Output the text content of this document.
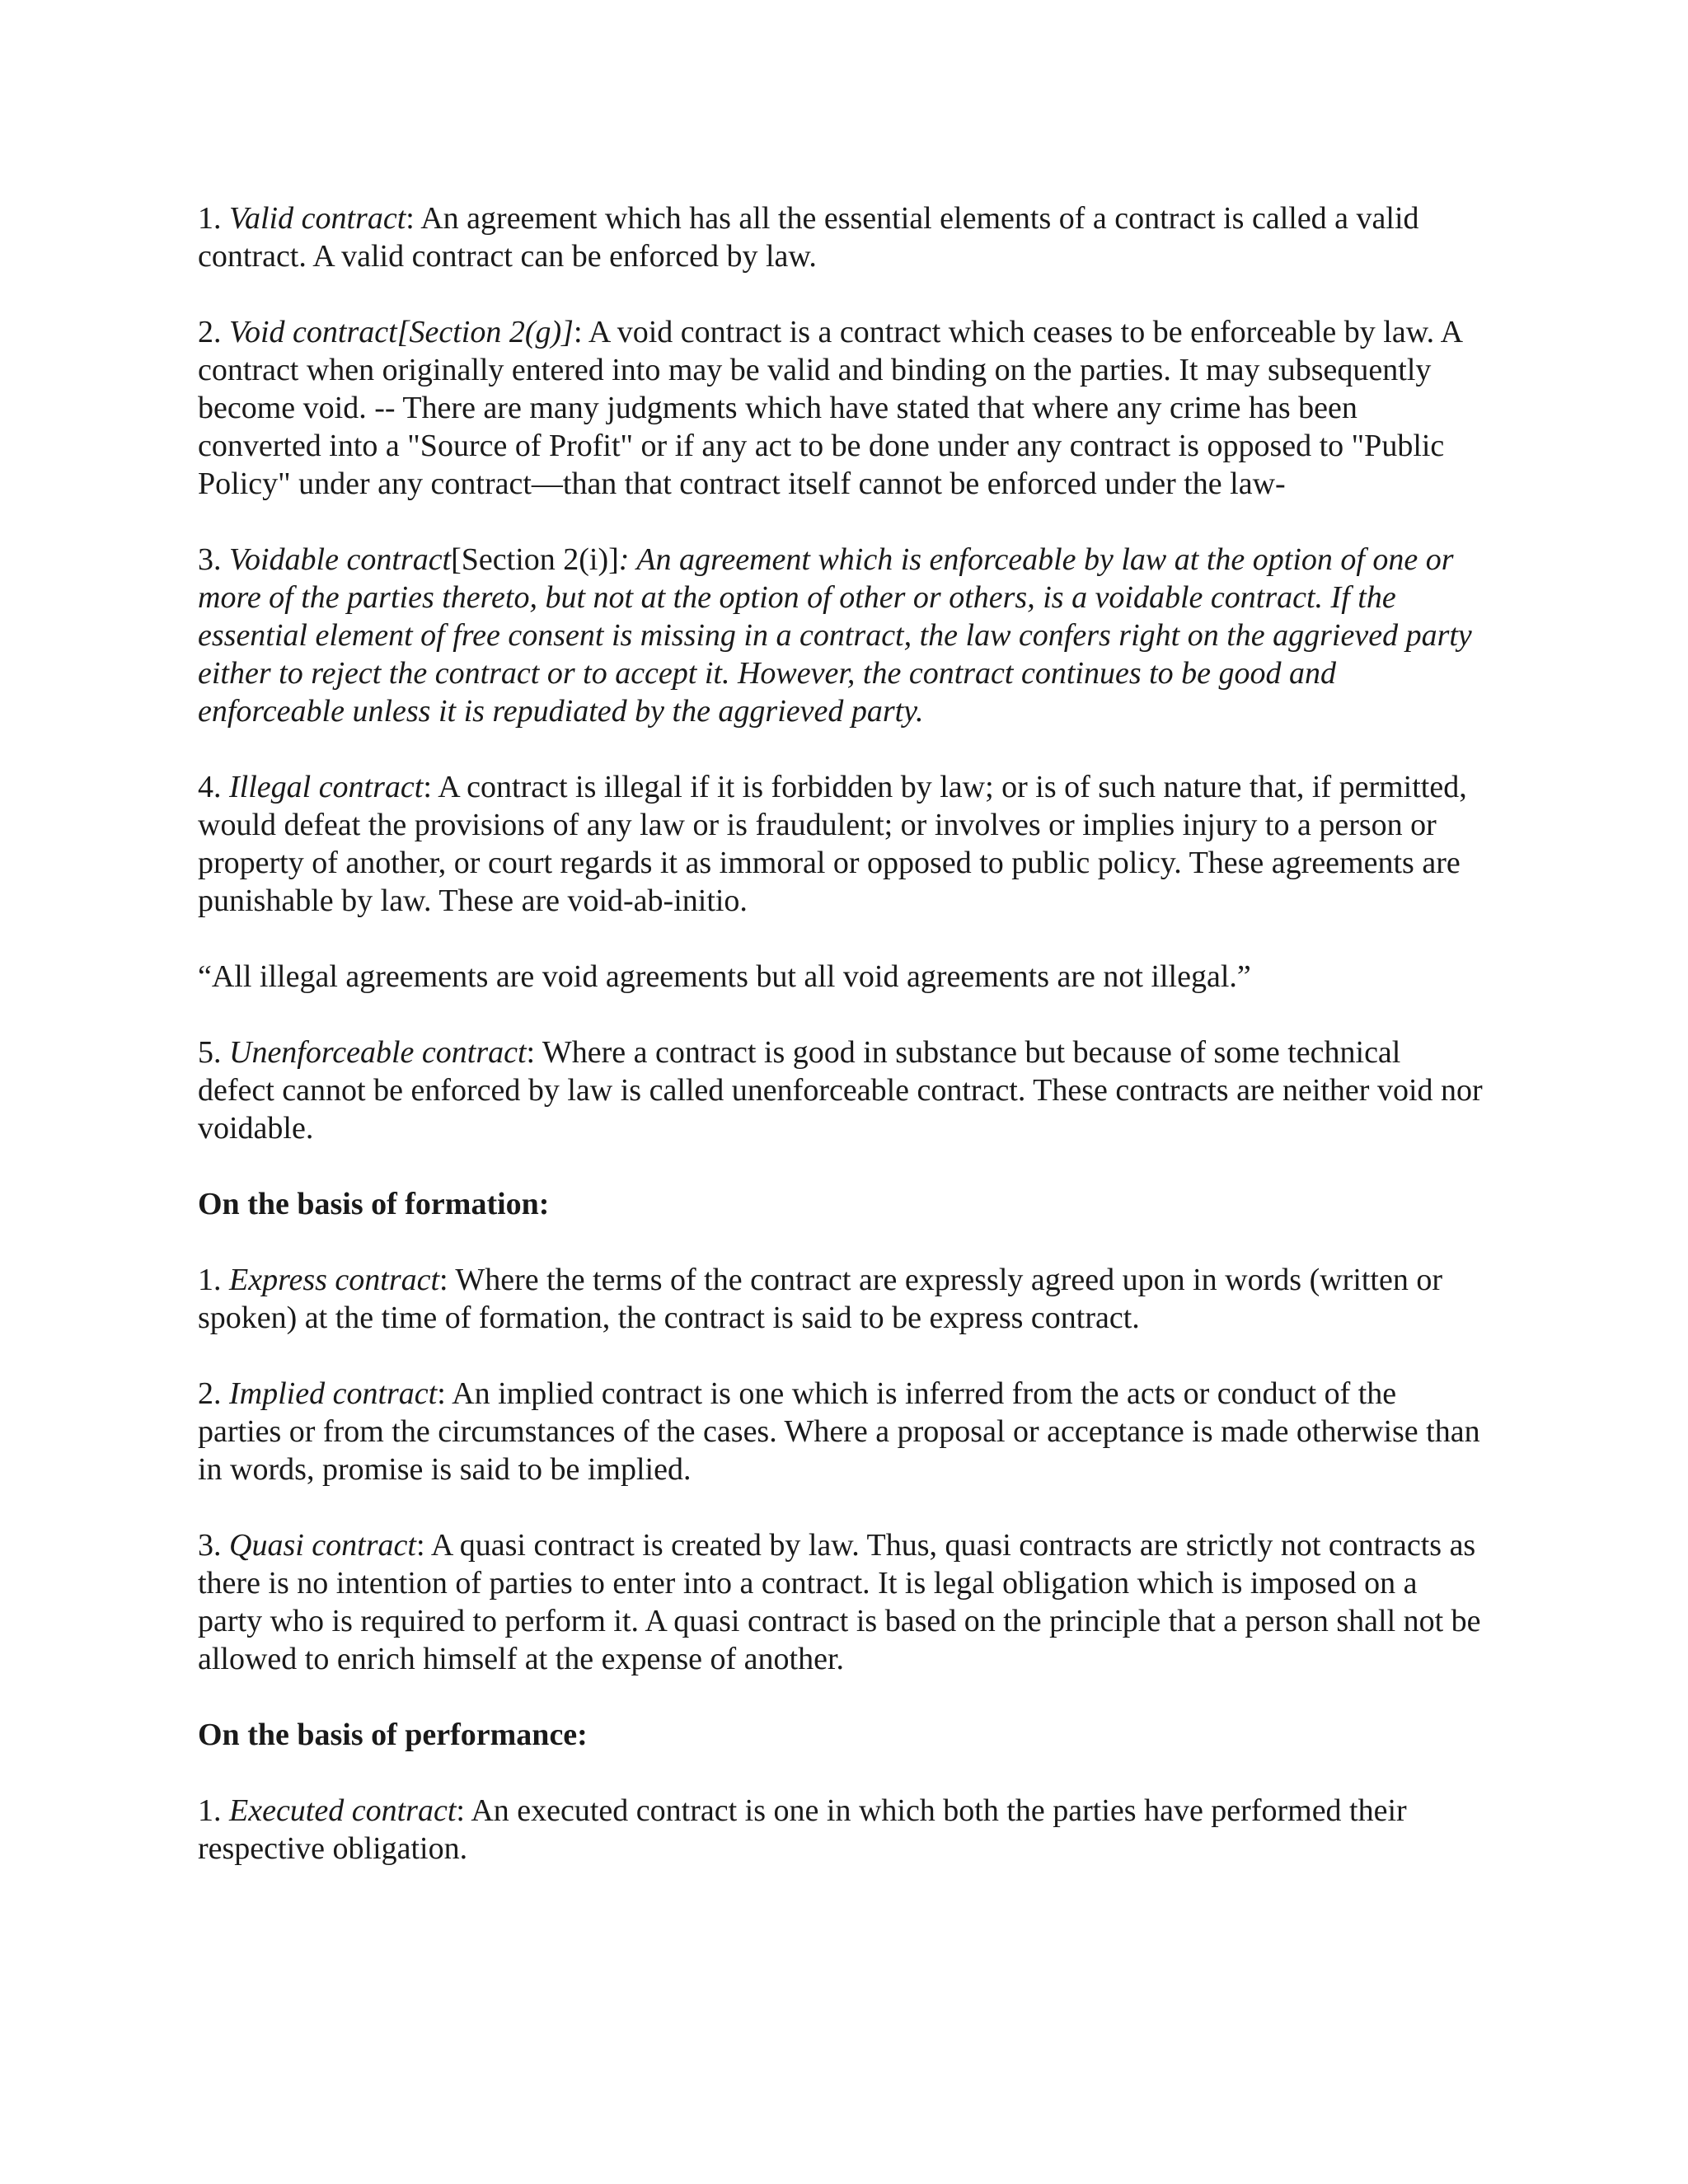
1. Valid contract: An agreement which has all the essential elements of a contract is called a valid contract. A valid contract can be enforced by law.

2. Void contract[Section 2(g)]: A void contract is a contract which ceases to be enforceable by law. A contract when originally entered into may be valid and binding on the parties. It may subsequently become void. -- There are many judgments which have stated that where any crime has been converted into a "Source of Profit" or if any act to be done under any contract is opposed to "Public Policy" under any contract—than that contract itself cannot be enforced under the law-

3. Voidable contract[Section 2(i)]: An agreement which is enforceable by law at the option of one or more of the parties thereto, but not at the option of other or others, is a voidable contract. If the essential element of free consent is missing in a contract, the law confers right on the aggrieved party either to reject the contract or to accept it. However, the contract continues to be good and enforceable unless it is repudiated by the aggrieved party.

4. Illegal contract: A contract is illegal if it is forbidden by law; or is of such nature that, if permitted, would defeat the provisions of any law or is fraudulent; or involves or implies injury to a person or property of another, or court regards it as immoral or opposed to public policy. These agreements are punishable by law. These are void-ab-initio.

“All illegal agreements are void agreements but all void agreements are not illegal.”

5. Unenforceable contract: Where a contract is good in substance but because of some technical defect cannot be enforced by law is called unenforceable contract. These contracts are neither void nor voidable.

On the basis of formation:

1. Express contract: Where the terms of the contract are expressly agreed upon in words (written or spoken) at the time of formation, the contract is said to be express contract.

2. Implied contract: An implied contract is one which is inferred from the acts or conduct of the parties or from the circumstances of the cases. Where a proposal or acceptance is made otherwise than in words, promise is said to be implied.

3. Quasi contract: A quasi contract is created by law. Thus, quasi contracts are strictly not contracts as there is no intention of parties to enter into a contract. It is legal obligation which is imposed on a party who is required to perform it. A quasi contract is based on the principle that a person shall not be allowed to enrich himself at the expense of another.

On the basis of performance:

1. Executed contract: An executed contract is one in which both the parties have performed their respective obligation.
